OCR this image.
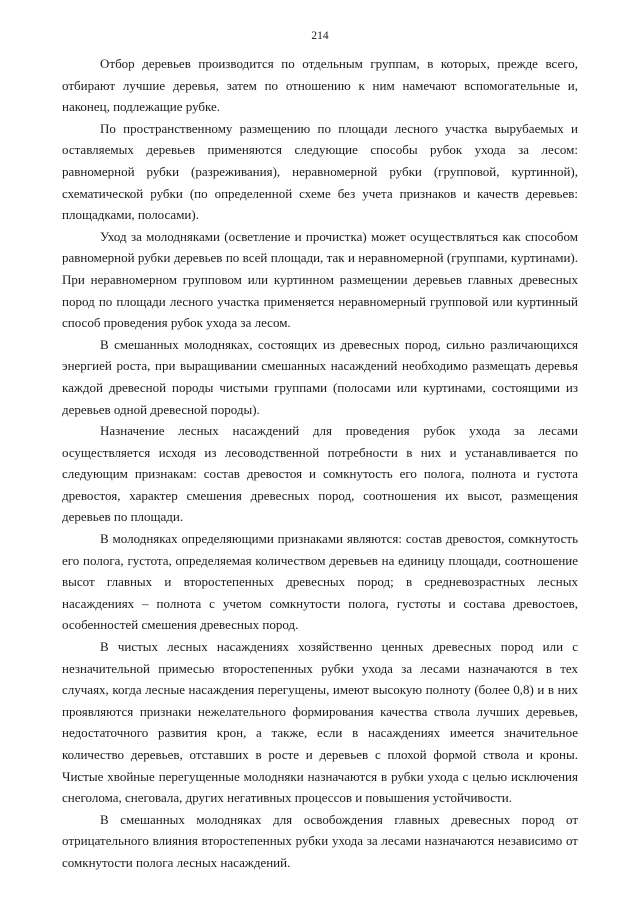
214

Отбор деревьев производится по отдельным группам, в которых, прежде всего, отбирают лучшие деревья, затем по отношению к ним намечают вспомогательные и, наконец, подлежащие рубке.

По пространственному размещению по площади лесного участка вырубаемых и оставляемых деревьев применяются следующие способы рубок ухода за лесом: равномерной рубки (разреживания), неравномерной рубки (групповой, куртинной), схематической рубки (по определенной схеме без учета признаков и качеств деревьев: площадками, полосами).

Уход за молодняками (осветление и прочистка) может осуществляться как способом равномерной рубки деревьев по всей площади, так и неравномерной (группами, куртинами). При неравномерном групповом или куртинном размещении деревьев главных древесных пород по площади лесного участка применяется неравномерный групповой или куртинный способ проведения рубок ухода за лесом.

В смешанных молодняках, состоящих из древесных пород, сильно различающихся энергией роста, при выращивании смешанных насаждений необходимо размещать деревья каждой древесной породы чистыми группами (полосами или куртинами, состоящими из деревьев одной древесной породы).

Назначение лесных насаждений для проведения рубок ухода за лесами осуществляется исходя из лесоводственной потребности в них и устанавливается по следующим признакам: состав древостоя и сомкнутость его полога, полнота и густота древостоя, характер смешения древесных пород, соотношения их высот, размещения деревьев по площади.

В молодняках определяющими признаками являются: состав древостоя, сомкнутость его полога, густота, определяемая количеством деревьев на единицу площади, соотношение высот главных и второстепенных древесных пород; в средневозрастных лесных насаждениях – полнота с учетом сомкнутости полога, густоты и состава древостоев, особенностей смешения древесных пород.

В чистых лесных насаждениях хозяйственно ценных древесных пород или с незначительной примесью второстепенных рубки ухода за лесами назначаются в тех случаях, когда лесные насаждения перегущены, имеют высокую полноту (более 0,8) и в них проявляются признаки нежелательного формирования качества ствола лучших деревьев, недостаточного развития крон, а также, если в насаждениях имеется значительное количество деревьев, отставших в росте и деревьев с плохой формой ствола и кроны. Чистые хвойные перегущенные молодняки назначаются в рубки ухода с целью исключения снеголома, снеговала, других негативных процессов и повышения устойчивости.

В смешанных молодняках для освобождения главных древесных пород от отрицательного влияния второстепенных рубки ухода за лесами назначаются независимо от сомкнутости полога лесных насаждений.
